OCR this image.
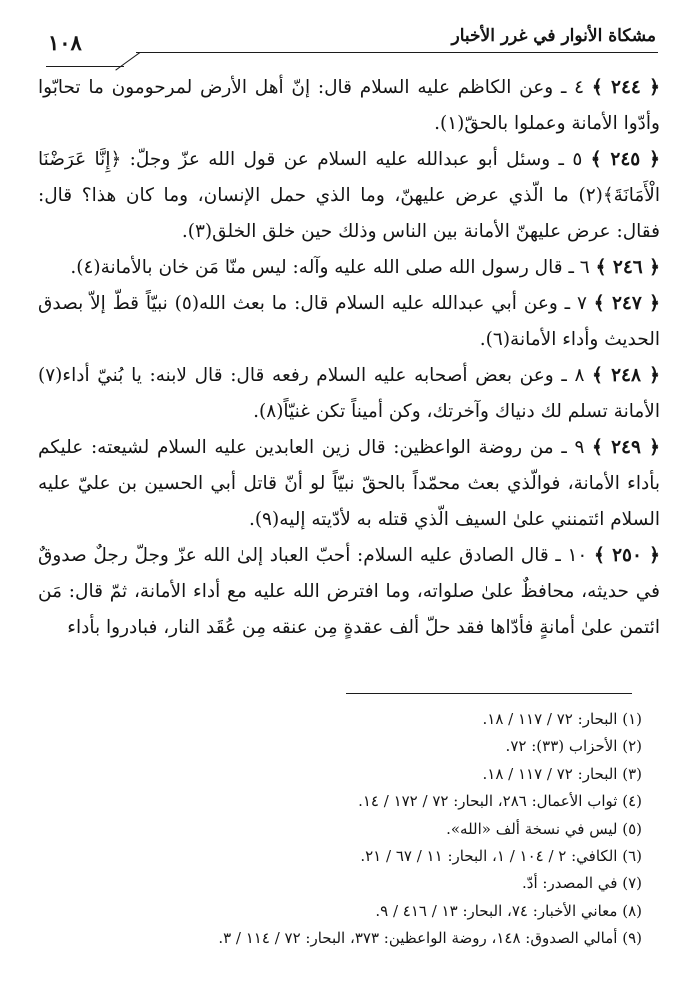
مشكاة الأنوار في غرر الأخبار
١٠٨

﴿ ٢٤٤ ﴾ ٤ ـ وعن الكاظم عليه السلام قال: إنّ أهل الأرض لمرحومون ما تحابّوا وأدّوا الأمانة وعملوا بالحقّ(١).

﴿ ٢٤٥ ﴾ ٥ ـ وسئل أبو عبدالله عليه السلام عن قول الله عزّ وجلّ: ﴿إِنَّا عَرَضْنَا الْأَمَانَةَ﴾(٢) ما الّذي عرض عليهنّ، وما الذي حمل الإنسان، وما كان هذا؟ قال: فقال: عرض عليهنّ الأمانة بين الناس وذلك حين خلق الخلق(٣).

﴿ ٢٤٦ ﴾ ٦ ـ قال رسول الله صلى الله عليه وآله: ليس منّا مَن خان بالأمانة(٤).

﴿ ٢٤٧ ﴾ ٧ ـ وعن أبي عبدالله عليه السلام قال: ما بعث الله(٥) نبيّاً قطّ إلاّ بصدق الحديث وأداء الأمانة(٦).

﴿ ٢٤٨ ﴾ ٨ ـ وعن بعض أصحابه عليه السلام رفعه قال: قال لابنه: يا بُنيّ أداء(٧) الأمانة تسلم لك دنياك وآخرتك، وكن أميناً تكن غنيّاً(٨).

﴿ ٢٤٩ ﴾ ٩ ـ من روضة الواعظين: قال زين العابدين عليه السلام لشيعته: عليكم بأداء الأمانة، فوالّذي بعث محمّداً بالحقّ نبيّاً لو أنّ قاتل أبي الحسين بن عليّ عليه السلام ائتمنني علىٰ السيف الّذي قتله به لأدّيته إليه(٩).

﴿ ٢٥٠ ﴾ ١٠ ـ قال الصادق عليه السلام: أحبّ العباد إلىٰ الله عزّ وجلّ رجلٌ صدوقٌ في حديثه، محافظٌ علىٰ صلواته، وما افترض الله عليه مع أداء الأمانة، ثمّ قال: مَن ائتمن علىٰ أمانةٍ فأدّاها فقد حلّ ألف عقدةٍ مِن عنقه مِن عُقَد النار، فبادروا بأداء

(١) البحار: ٧٢ / ١١٧ / ١٨.
(٢) الأحزاب (٣٣): ٧٢.
(٣) البحار: ٧٢ / ١١٧ / ١٨.
(٤) ثواب الأعمال: ٢٨٦، البحار: ٧٢ / ١٧٢ / ١٤.
(٥) ليس في نسخة ألف «الله».
(٦) الكافي: ٢ / ١٠٤ / ١، البحار: ١١ / ٦٧ / ٢١.
(٧) في المصدر: أدّ.
(٨) معاني الأخبار: ٧٤، البحار: ١٣ / ٤١٦ / ٩.
(٩) أمالي الصدوق: ١٤٨، روضة الواعظين: ٣٧٣، البحار: ٧٢ / ١١٤ / ٣.
